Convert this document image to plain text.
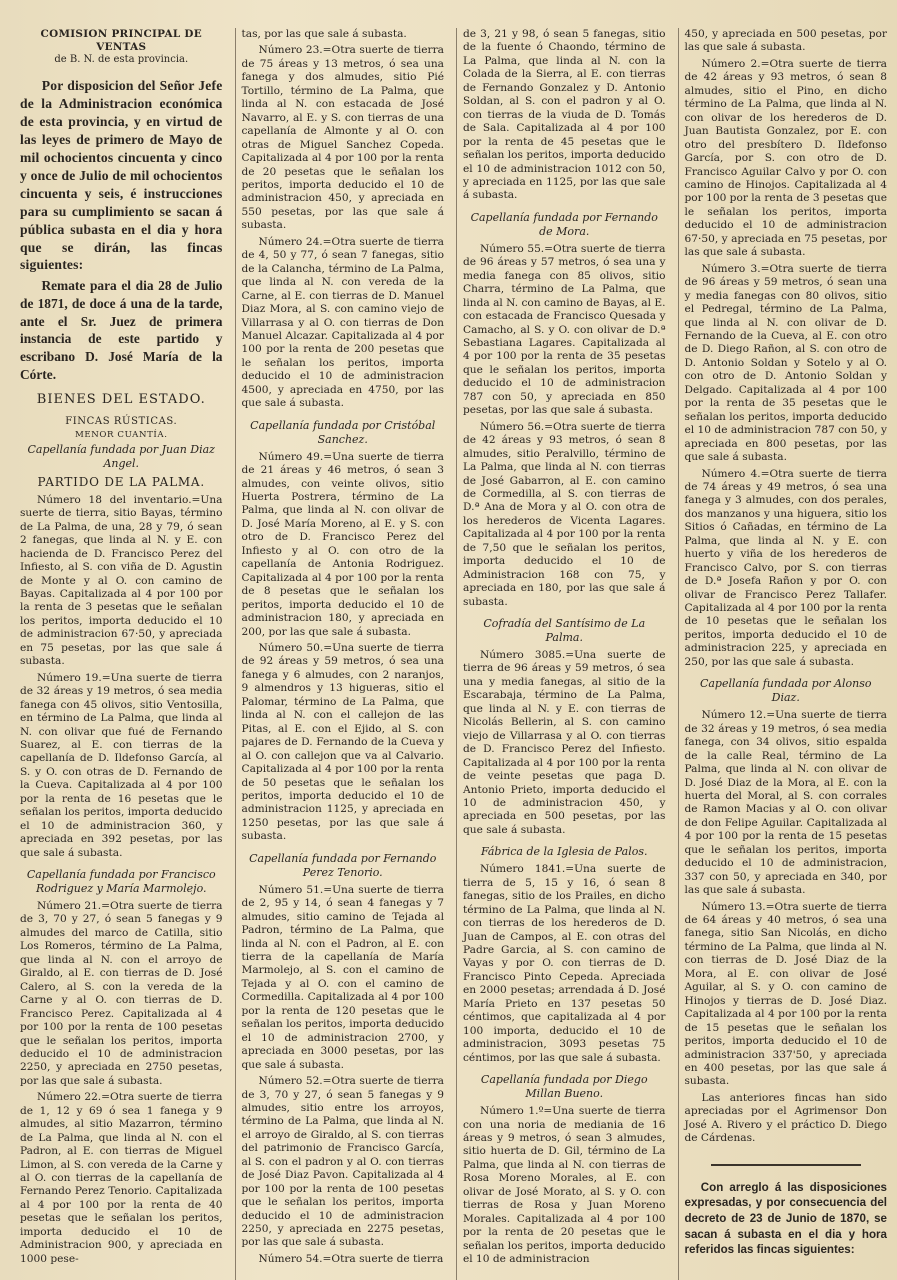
COMISION PRINCIPAL DE VENTAS

de B. N. de esta provincia.

Por disposicion del Señor Jefe de la Administracion económica de esta provincia, y en virtud de las leyes de primero de Mayo de mil ochocientos cincuenta y cinco y once de Julio de mil ochocientos cincuenta y seis, é instrucciones para su cumplimiento se sacan á pública subasta en el dia y hora que se dirán, las fincas siguientes:

Remate para el dia 28 de Julio de 1871, de doce á una de la tarde, ante el Sr. Juez de primera instancia de este partido y escribano D. José María de la Córte.

BIENES DEL ESTADO.

FINCAS RÚSTICAS.

MENOR CUANTÍA.

Capellanía fundada por Juan Diaz Angel.

PARTIDO DE LA PALMA.

Número 18 del inventario.=Una suerte de tierra, sitio Bayas, término de La Palma, de una, 28 y 79, ó sean 2 fanegas, que linda al N. y E. con hacienda de D. Francisco Perez del Infiesto, al S. con viña de D. Agustin de Monte y al O. con camino de Bayas. Capitalizada al 4 por 100 por la renta de 3 pesetas que le señalan los peritos, importa deducido el 10 de administracion 67·50, y apreciada en 75 pesetas, por las que sale á subasta.

Número 19.=Una suerte de tierra de 32 áreas y 19 metros, ó sea media fanega con 45 olivos, sitio Ventosilla, en término de La Palma, que linda al N. con olivar que fué de Fernando Suarez, al E. con tierras de la capellanía de D. Ildefonso García, al S. y O. con otras de D. Fernando de la Cueva. Capitalizada al 4 por 100 por la renta de 16 pesetas que le señalan los peritos, importa deducido el 10 de administracion 360, y apreciada en 392 pesetas, por las que sale á subasta.

Capellanía fundada por Francisco Rodriguez y María Marmolejo.

Número 21.=Otra suerte de tierra de 3, 70 y 27, ó sean 5 fanegas y 9 almudes del marco de Catilla, sitio Los Romeros, término de La Palma, que linda al N. con el arroyo de Giraldo, al E. con tierras de D. José Calero, al S. con la vereda de la Carne y al O. con tierras de D. Francisco Perez. Capitalizada al 4 por 100 por la renta de 100 pesetas que le señalan los peritos, importa deducido el 10 de administracion 2250, y apreciada en 2750 pesetas, por las que sale á subasta.

Número 22.=Otra suerte de tierra de 1, 12 y 69 ó sea 1 fanega y 9 almudes, al sitio Mazarron, término de La Palma, que linda al N. con el Padron, al E. con tierras de Miguel Limon, al S. con vereda de la Carne y al O. con tierras de la capellanía de Fernando Perez Tenorio. Capitalizada al 4 por 100 por la renta de 40 pesetas que le señalan los peritos, importa deducido el 10 de Administracion 900, y apreciada en 1000 pese-

tas, por las que sale á subasta.

Número 23.=Otra suerte de tierra de 75 áreas y 13 metros, ó sea una fanega y dos almudes, sitio Pié Tortillo, término de La Palma, que linda al N. con estacada de José Navarro, al E. y S. con tierras de una capellanía de Almonte y al O. con otras de Miguel Sanchez Copeda. Capitalizada al 4 por 100 por la renta de 20 pesetas que le señalan los peritos, importa deducido el 10 de administracion 450, y apreciada en 550 pesetas, por las que sale á subasta.

Número 24.=Otra suerte de tierra de 4, 50 y 77, ó sean 7 fanegas, sitio de la Calancha, término de La Palma, que linda al N. con vereda de la Carne, al E. con tierras de D. Manuel Diaz Mora, al S. con camino viejo de Villarrasa y al O. con tierras de Don Manuel Alcazar. Capitalizada al 4 por 100 por la renta de 200 pesetas que le señalan los peritos, importa deducido el 10 de administracion 4500, y apreciada en 4750, por las que sale á subasta.

Capellanía fundada por Cristóbal Sanchez.

Número 49.=Una suerte de tierra de 21 áreas y 46 metros, ó sean 3 almudes, con veinte olivos, sitio Huerta Postrera, término de La Palma, que linda al N. con olivar de D. José María Moreno, al E. y S. con otro de D. Francisco Perez del Infiesto y al O. con otro de la capellanía de Antonia Rodriguez. Capitalizada al 4 por 100 por la renta de 8 pesetas que le señalan los peritos, importa deducido el 10 de administracion 180, y apreciada en 200, por las que sale á subasta.

Número 50.=Una suerte de tierra de 92 áreas y 59 metros, ó sea una fanega y 6 almudes, con 2 naranjos, 9 almendros y 13 higueras, sitio el Palomar, término de La Palma, que linda al N. con el callejon de las Pitas, al E. con el Ejido, al S. con pajares de D. Fernando de la Cueva y al O. con callejon que va al Calvario. Capitalizada al 4 por 100 por la renta de 50 pesetas que le señalan los peritos, importa deducido el 10 de administracion 1125, y apreciada en 1250 pesetas, por las que sale á subasta.

Capellanía fundada por Fernando Perez Tenorio.

Número 51.=Una suerte de tierra de 2, 95 y 14, ó sean 4 fanegas y 7 almudes, sitio camino de Tejada al Padron, término de La Palma, que linda al N. con el Padron, al E. con tierra de la capellanía de María Marmolejo, al S. con el camino de Tejada y al O. con el camino de Cormedilla. Capitalizada al 4 por 100 por la renta de 120 pesetas que le señalan los peritos, importa deducido el 10 de administracion 2700, y apreciada en 3000 pesetas, por las que sale á subasta.

Número 52.=Otra suerte de tierra de 3, 70 y 27, ó sean 5 fanegas y 9 almudes, sitio entre los arroyos, término de La Palma, que linda al N. el arroyo de Giraldo, al S. con tierras del patrimonio de Francisco García, al S. con el padron y al O. con tierras de José Diaz Pavon. Capitalizada al 4 por 100 por la renta de 100 pesetas que le señalan los peritos, importa deducido el 10 de administracion 2250, y apreciada en 2275 pesetas, por las que sale á subasta.

Número 54.=Otra suerte de tierra

de 3, 21 y 98, ó sean 5 fanegas, sitio de la fuente ó Chaondo, término de La Palma, que linda al N. con la Colada de la Sierra, al E. con tierras de Fernando Gonzalez y D. Antonio Soldan, al S. con el padron y al O. con tierras de la viuda de D. Tomás de Sala. Capitalizada al 4 por 100 por la renta de 45 pesetas que le señalan los peritos, importa deducido el 10 de administracion 1012 con 50, y apreciada en 1125, por las que sale á subasta.

Capellanía fundada por Fernando de Mora.

Número 55.=Otra suerte de tierra de 96 áreas y 57 metros, ó sea una y media fanega con 85 olivos, sitio Charra, término de La Palma, que linda al N. con camino de Bayas, al E. con estacada de Francisco Quesada y Camacho, al S. y O. con olivar de D.ª Sebastiana Lagares. Capitalizada al 4 por 100 por la renta de 35 pesetas que le señalan los peritos, importa deducido el 10 de administracion 787 con 50, y apreciada en 850 pesetas, por las que sale á subasta.

Número 56.=Otra suerte de tierra de 42 áreas y 93 metros, ó sean 8 almudes, sitio Peralvillo, término de La Palma, que linda al N. con tierras de José Gabarron, al E. con camino de Cormedilla, al S. con tierras de D.ª Ana de Mora y al O. con otra de los herederos de Vicenta Lagares. Capitalizada al 4 por 100 por la renta de 7,50 que le señalan los peritos, importa deducido el 10 de Administracion 168 con 75, y apreciada en 180, por las que sale á subasta.

Cofradía del Santísimo de La Palma.

Número 3085.=Una suerte de tierra de 96 áreas y 59 metros, ó sea una y media fanegas, al sitio de la Escarabaja, término de La Palma, que linda al N. y E. con tierras de Nicolás Bellerin, al S. con camino viejo de Villarrasa y al O. con tierras de D. Francisco Perez del Infiesto. Capitalizada al 4 por 100 por la renta de veinte pesetas que paga D. Antonio Prieto, importa deducido el 10 de administracion 450, y apreciada en 500 pesetas, por las que sale á subasta.

Fábrica de la Iglesia de Palos.

Número 1841.=Una suerte de tierra de 5, 15 y 16, ó sean 8 fanegas, sitio de los Prailes, en dicho término de La Palma, que linda al N. con tierras de los herederos de D. Juan de Campos, al E. con otras del Padre Garcia, al S. con camino de Vayas y por O. con tierras de D. Francisco Pinto Cepeda. Apreciada en 2000 pesetas; arrendada á D. José María Prieto en 137 pesetas 50 céntimos, que capitalizada al 4 por 100 importa, deducido el 10 de administracion, 3093 pesetas 75 céntimos, por las que sale á subasta.

Capellanía fundada por Diego Millan Bueno.

Número 1.º=Una suerte de tierra con una noria de mediania de 16 áreas y 9 metros, ó sean 3 almudes, sitio huerta de D. Gil, término de La Palma, que linda al N. con tierras de Rosa Moreno Morales, al E. con olivar de José Morato, al S. y O. con tierras de Rosa y Juan Moreno Morales. Capitalizada al 4 por 100 por la renta de 20 pesetas que le señalan los peritos, importa deducido el 10 de administracion

450, y apreciada en 500 pesetas, por las que sale á subasta.

Número 2.=Otra suerte de tierra de 42 áreas y 93 metros, ó sean 8 almudes, sitio el Pino, en dicho término de La Palma, que linda al N. con olivar de los herederos de D. Juan Bautista Gonzalez, por E. con otro del presbítero D. Ildefonso García, por S. con otro de D. Francisco Aguilar Calvo y por O. con camino de Hinojos. Capitalizada al 4 por 100 por la renta de 3 pesetas que le señalan los peritos, importa deducido el 10 de administracion 67·50, y apreciada en 75 pesetas, por las que sale á subasta.

Número 3.=Otra suerte de tierra de 96 áreas y 59 metros, ó sean una y media fanegas con 80 olivos, sitio el Pedregal, término de La Palma, que linda al N. con olivar de D. Fernando de la Cueva, al E. con otro de D. Diego Rañon, al S. con otro de D. Antonio Soldan y Sotelo y al O. con otro de D. Antonio Soldan y Delgado. Capitalizada al 4 por 100 por la renta de 35 pesetas que le señalan los peritos, importa deducido el 10 de administracion 787 con 50, y apreciada en 800 pesetas, por las que sale á subasta.

Número 4.=Otra suerte de tierra de 74 áreas y 49 metros, ó sea una fanega y 3 almudes, con dos perales, dos manzanos y una higuera, sitio los Sitios ó Cañadas, en término de La Palma, que linda al N. y E. con huerto y viña de los herederos de Francisco Calvo, por S. con tierras de D.ª Josefa Rañon y por O. con olivar de Francisco Perez Tallafer. Capitalizada al 4 por 100 por la renta de 10 pesetas que le señalan los peritos, importa deducido el 10 de administracion 225, y apreciada en 250, por las que sale á subasta.

Capellanía fundada por Alonso Diaz.

Número 12.=Una suerte de tierra de 32 áreas y 19 metros, ó sea media fanega, con 34 olivos, sitio espalda de la calle Real, término de La Palma, que linda al N. con olivar de D. José Diaz de la Mora, al E. con la huerta del Moral, al S. con corrales de Ramon Macias y al O. con olivar de don Felipe Aguilar. Capitalizada al 4 por 100 por la renta de 15 pesetas que le señalan los peritos, importa deducido el 10 de administracion, 337 con 50, y apreciada en 340, por las que sale á subasta.

Número 13.=Otra suerte de tierra de 64 áreas y 40 metros, ó sea una fanega, sitio San Nicolás, en dicho término de La Palma, que linda al N. con tierras de D. José Diaz de la Mora, al E. con olivar de José Aguilar, al S. y O. con camino de Hinojos y tierras de D. José Diaz. Capitalizada al 4 por 100 por la renta de 15 pesetas que le señalan los peritos, importa deducido el 10 de administracion 337'50, y apreciada en 400 pesetas, por las que sale á subasta.

Las anteriores fincas han sido apreciadas por el Agrimensor Don José A. Rivero y el práctico D. Diego de Cárdenas.

Con arreglo á las disposiciones expresadas, y por consecuencia del decreto de 23 de Junio de 1870, se sacan á subasta en el dia y hora referidos las fincas siguientes:
